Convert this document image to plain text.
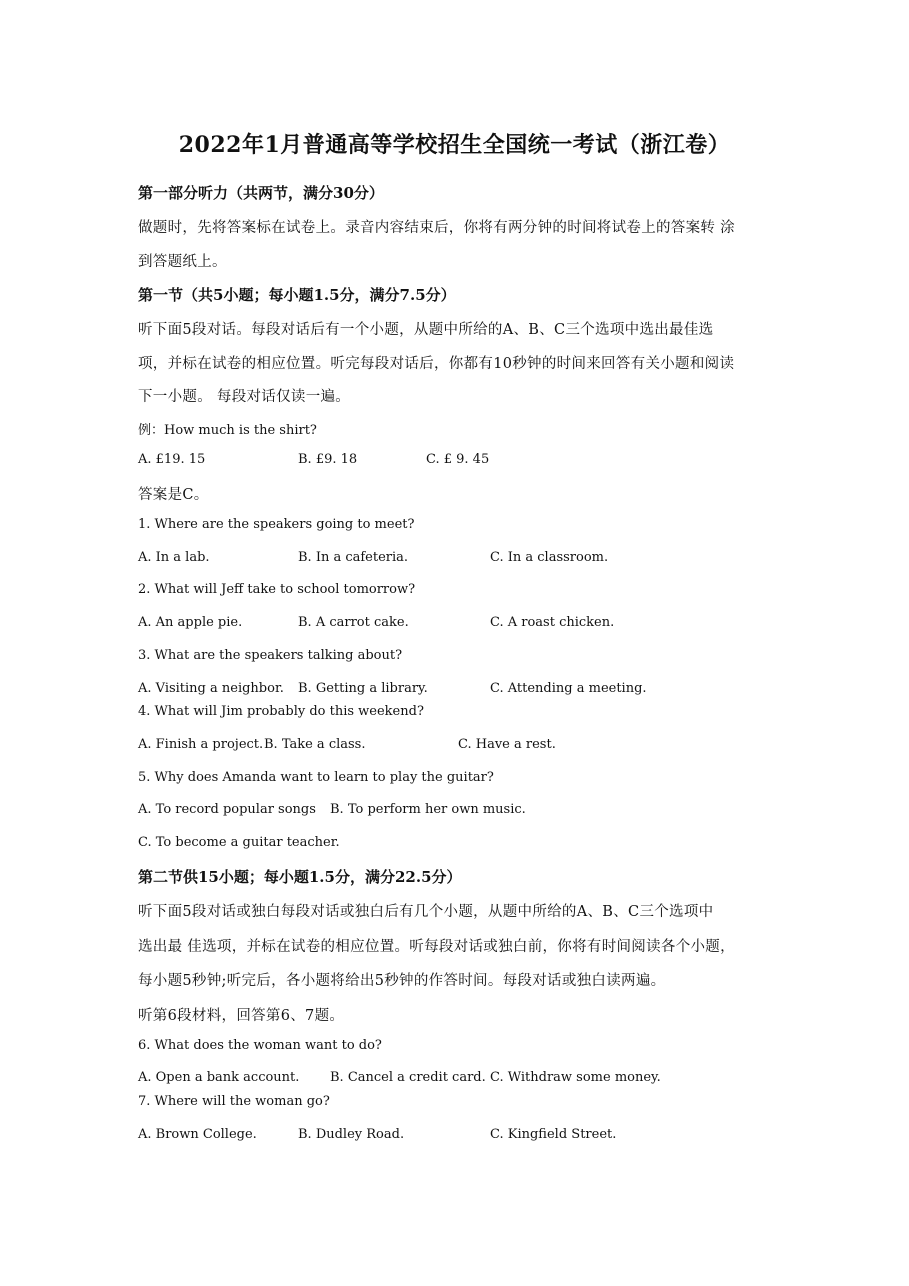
2022年1月普通高等学校招生全国统一考试（浙江卷）
第一部分听力（共两节，满分30分）
做题时，先将答案标在试卷上。录音内容结束后，你将有两分钟的时间将试卷上的答案转 涂
到答题纸上。
第一节（共5小题；每小题1.5分，满分7.5分）
听下面5段对话。每段对话后有一个小题，从题中所给的A、B、C三个选项中选出最佳选
项，并标在试卷的相应位置。听完每段对话后，你都有10秒钟的时间来回答有关小题和阅读
下一小题。 每段对话仅读一遍。
例：How much is the shirt?
A. £19. 15	B. £9. 18	C. £ 9. 45
答案是C。
1. Where are the speakers going to meet?
A. In a lab.	B. In a cafeteria.	C. In a classroom.
2. What will Jeff take to school tomorrow?
A. An apple pie.	B. A carrot cake.	C. A roast chicken.
3. What are the speakers talking about?
A. Visiting a neighbor. B. Getting a library.	C. Attending a meeting.
4. What will Jim probably do this weekend?
A. Finish a project. B. Take a class.	C. Have a rest.
5. Why does Amanda want to learn to play the guitar?
A. To record popular songs B. To perform her own music.
C. To become a guitar teacher.
第二节供15小题；每小题1.5分，满分22.5分）
听下面5段对话或独白每段对话或独白后有几个小题，从题中所给的A、B、C三个选项中
选出最 佳选项，并标在试卷的相应位置。听每段对话或独白前，你将有时间阅读各个小题，
每小题5秒钟;听完后，各小题将给出5秒钟的作答时间。每段对话或独白读两遍。
听第6段材料，回答第6、7题。
6. What does the woman want to do?
A. Open a bank account. B. Cancel a credit card. C. Withdraw some money.
7. Where will the woman go?
A. Brown College.	B. Dudley Road.	C. Kingfield Street.
